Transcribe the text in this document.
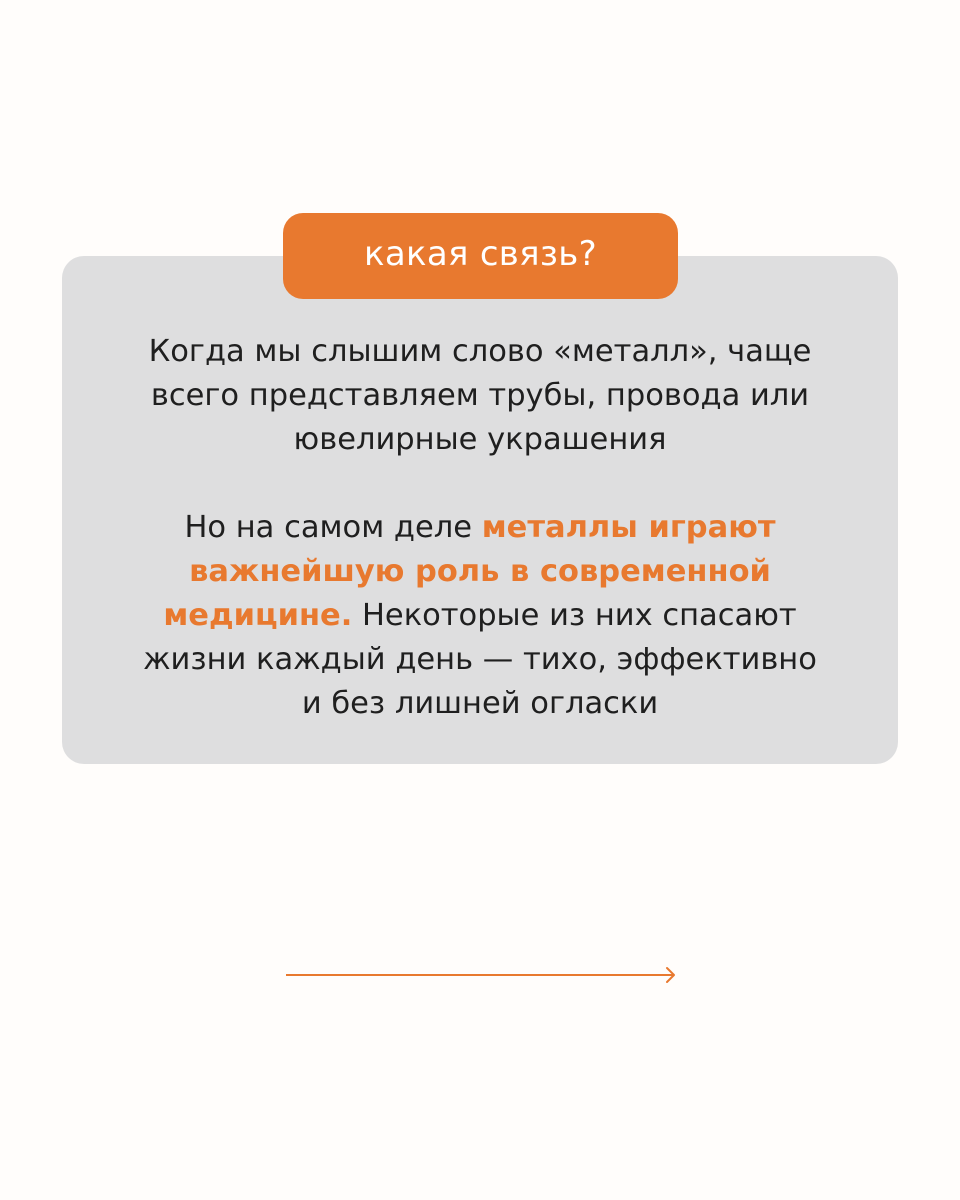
какая связь?

Когда мы слышим слово «металл», чаще
всего представляем трубы, провода или
ювелирные украшения

Но на самом деле металлы играют
важнейшую роль в современной
медицине. Некоторые из них спасают
жизни каждый день — тихо, эффективно
и без лишней огласки
